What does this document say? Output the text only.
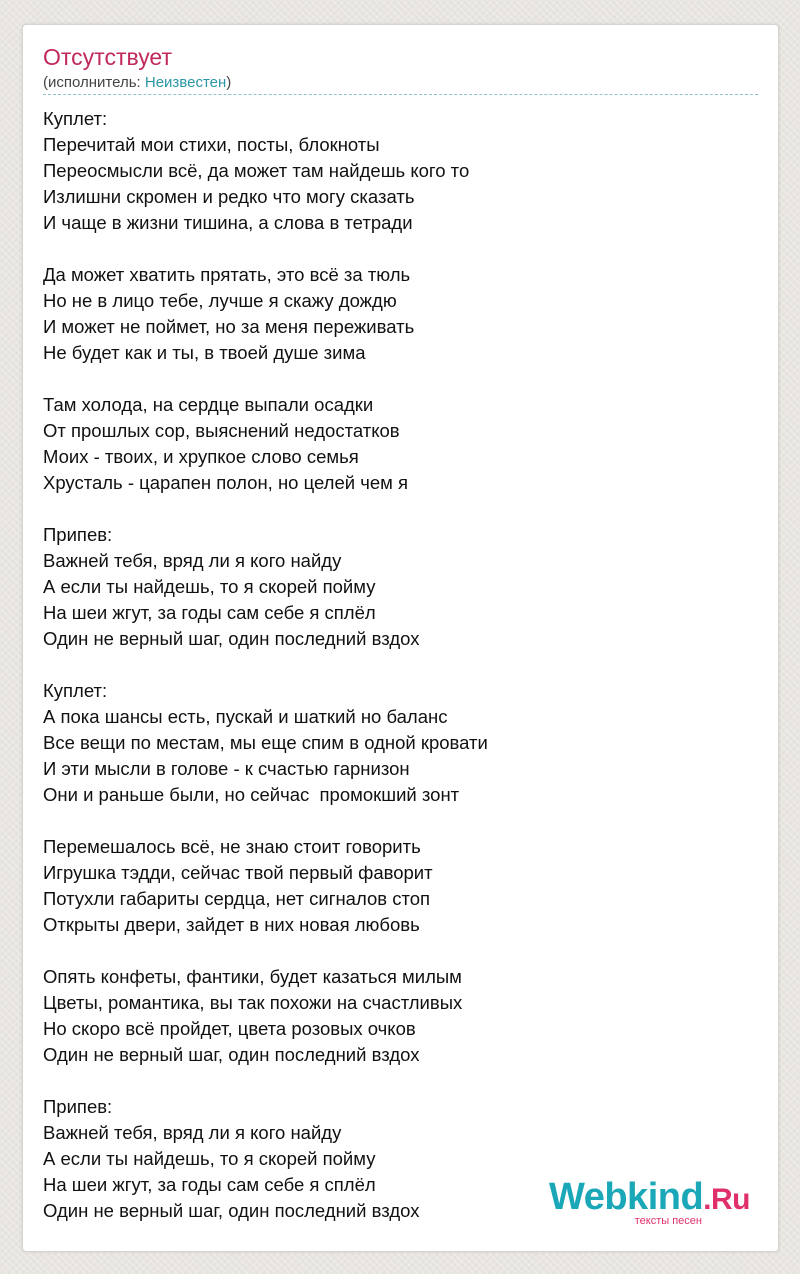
Отсутствует
(исполнитель: Неизвестен)
Куплет:
Перечитай мои стихи, посты, блокноты
Переосмысли всё, да может там найдешь кого то
Излишни скромен и редко что могу сказать
И чаще в жизни тишина, а слова в тетради
Да может хватить прятать, это всё за тюль
Но не в лицо тебе, лучше я скажу дождю
И может не поймет, но за меня переживать
Не будет как и ты, в твоей душе зима
Там холода, на сердце выпали осадки
От прошлых сор, выяснений недостатков
Моих - твоих, и хрупкое слово семья
Хрусталь - царапен полон, но целей чем я
Припев:
Важней тебя, вряд ли я кого найду
А если ты найдешь, то я скорей пойму
На шеи жгут, за годы сам себе я сплёл
Один не верный шаг, один последний вздох
Куплет:
А пока шансы есть, пускай и шаткий но баланс
Все вещи по местам, мы еще спим в одной кровати
И эти мысли в голове - к счастью гарнизон
Они и раньше были, но сейчас  промокший зонт
Перемешалось всё, не знаю стоит говорить
Игрушка тэдди, сейчас твой первый фаворит
Потухли габариты сердца, нет сигналов стоп
Открыты двери, зайдет в них новая любовь
Опять конфеты, фантики, будет казаться милым
Цветы, романтика, вы так похожи на счастливых
Но скоро всё пройдет, цвета розовых очков
Один не верный шаг, один последний вздох
Припев:
Важней тебя, вряд ли я кого найду
А если ты найдешь, то я скорей пойму
На шеи жгут, за годы сам себе я сплёл
Один не верный шаг, один последний вздох	Webkind.Ru
тексты песен
